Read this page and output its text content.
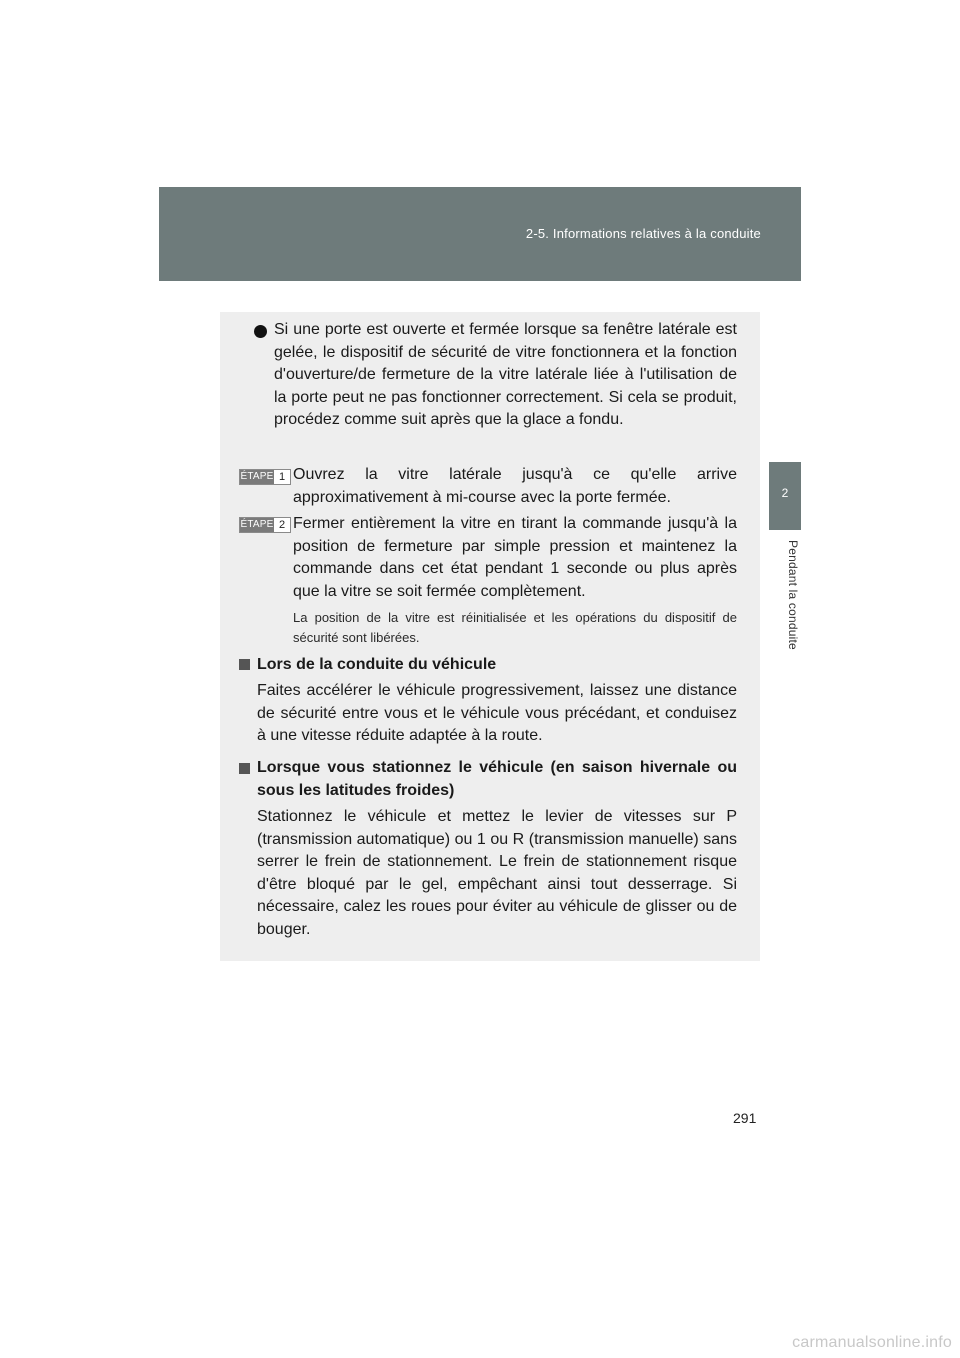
2-5. Informations relatives à la conduite
2
Pendant la conduite
Si une porte est ouverte et fermée lorsque sa fenêtre latérale est gelée, le dispositif de sécurité de vitre fonctionnera et la fonction d'ouverture/de fermeture de la vitre latérale liée à l'utilisation de la porte peut ne pas fonctionner correctement. Si cela se produit, procédez comme suit après que la glace a fondu.
ÉTAPE 1 Ouvrez la vitre latérale jusqu'à ce qu'elle arrive approximativement à mi-course avec la porte fermée.
ÉTAPE 2 Fermer entièrement la vitre en tirant la commande jusqu'à la position de fermeture par simple pression et maintenez la commande dans cet état pendant 1 seconde ou plus après que la vitre se soit fermée complètement.
La position de la vitre est réinitialisée et les opérations du dispositif de sécurité sont libérées.
Lors de la conduite du véhicule
Faites accélérer le véhicule progressivement, laissez une distance de sécurité entre vous et le véhicule vous précédant, et conduisez à une vitesse réduite adaptée à la route.
Lorsque vous stationnez le véhicule (en saison hivernale ou sous les latitudes froides)
Stationnez le véhicule et mettez le levier de vitesses sur P (transmission automatique) ou 1 ou R (transmission manuelle) sans serrer le frein de stationnement. Le frein de stationnement risque d'être bloqué par le gel, empêchant ainsi tout desserrage. Si nécessaire, calez les roues pour éviter au véhicule de glisser ou de bouger.
291
carmanualsonline.info
